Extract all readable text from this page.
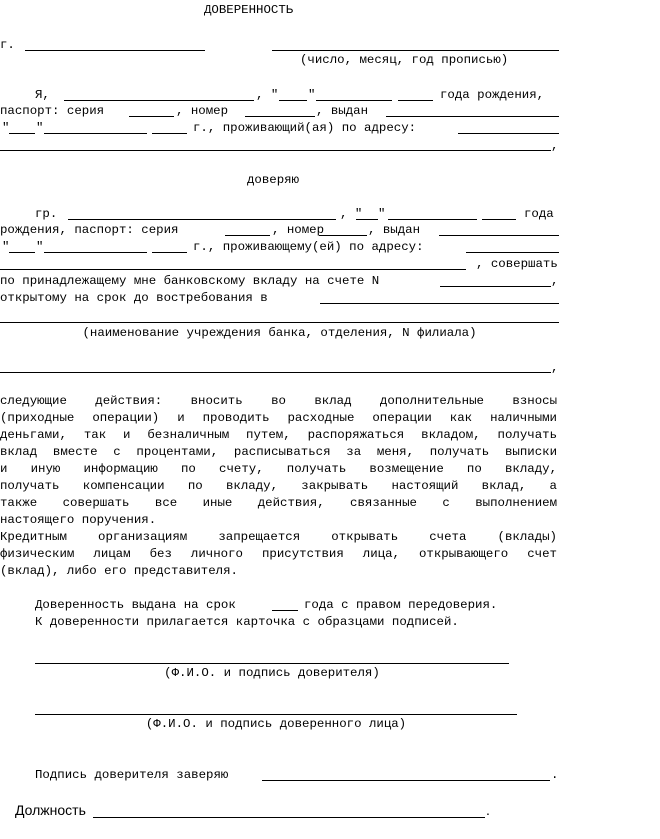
ДОВЕРЕННОСТЬ
г.
(число, месяц, год прописью)
Я,	, " "	года рождения,
паспорт: серия	, номер	, выдан
" "	г., проживающий(ая) по адресу:
,
доверяю
гр.	, " "	года
рождения, паспорт: серия	, номер	, выдан
" "	г., проживающему(ей) по адресу:
, совершать
по принадлежащему мне банковскому вкладу на счете N	,
открытому на срок до востребования в
(наименование учреждения банка, отделения, N филиала)
,
следующие действия: вносить во вклад дополнительные взносы
(приходные операции) и проводить расходные операции как наличными
деньгами, так и безналичным путем, распоряжаться вкладом, получать
вклад вместе с процентами, расписываться за меня, получать выписки
и иную информацию по счету, получать возмещение по вкладу,
получать компенсации по вкладу, закрывать настоящий вклад, а
также совершать все иные действия, связанные с выполнением
настоящего поручения.
Кредитным организациям запрещается открывать счета (вклады)
физическим лицам без личного присутствия лица, открывающего счет
(вклад), либо его представителя.
Доверенность выдана на срок	года с правом передоверия.
К доверенности прилагается карточка с образцами подписей.
(Ф.И.О. и подпись доверителя)
(Ф.И.О. и подпись доверенного лица)
Подпись доверителя заверяю	.
Должность	.
